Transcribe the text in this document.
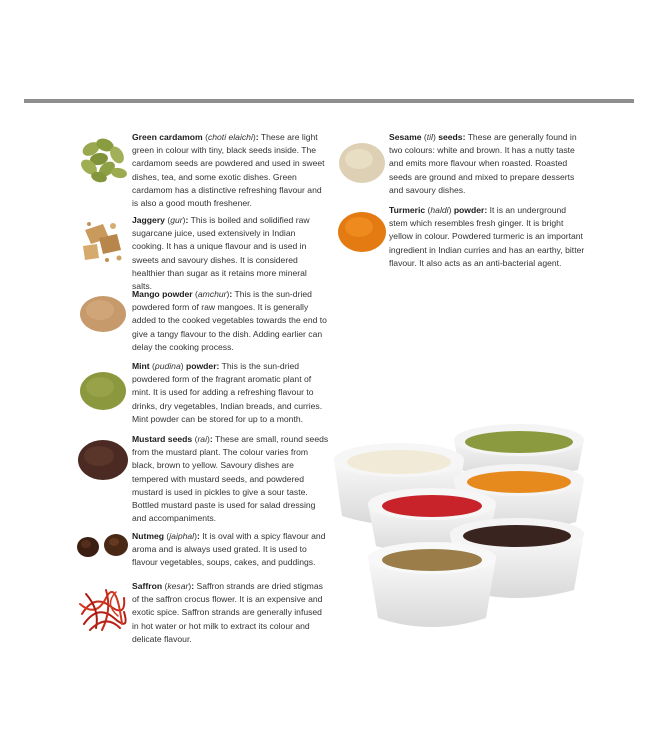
Green cardamom (choti elaichi): These are light green in colour with tiny, black seeds inside. The cardamom seeds are powdered and used in sweet dishes, tea, and some exotic dishes. Green cardamom has a distinctive refreshing flavour and is also a good mouth freshener.
Jaggery (gur): This is boiled and solidified raw sugarcane juice, used extensively in Indian cooking. It has a unique flavour and is used in sweets and savoury dishes. It is considered healthier than sugar as it retains more mineral salts.
Mango powder (amchur): This is the sun-dried powdered form of raw mangoes. It is generally added to the cooked vegetables towards the end to give a tangy flavour to the dish. Adding earlier can delay the cooking process.
Mint (pudina) powder: This is the sun-dried powdered form of the fragrant aromatic plant of mint. It is used for adding a refreshing flavour to drinks, dry vegetables, Indian breads, and curries. Mint powder can be stored for up to a month.
Mustard seeds (rai): These are small, round seeds from the mustard plant. The colour varies from black, brown to yellow. Savoury dishes are tempered with mustard seeds, and powdered mustard is used in pickles to give a sour taste. Bottled mustard paste is used for salad dressing and accompaniments.
Nutmeg (jaiphal): It is oval with a spicy flavour and aroma and is always used grated. It is used to flavour vegetables, soups, cakes, and puddings.
Saffron (kesar): Saffron strands are dried stigmas of the saffron crocus flower. It is an expensive and exotic spice. Saffron strands are generally infused in hot water or hot milk to extract its colour and delicate flavour.
Sesame (til) seeds: These are generally found in two colours: white and brown. It has a nutty taste and emits more flavour when roasted. Roasted seeds are ground and mixed to prepare desserts and savoury dishes.
Turmeric (haldi) powder: It is an underground stem which resembles fresh ginger. It is bright yellow in colour. Powdered turmeric is an important ingredient in Indian curries and has an earthy, bitter flavour. It also acts as an anti-bacterial agent.
